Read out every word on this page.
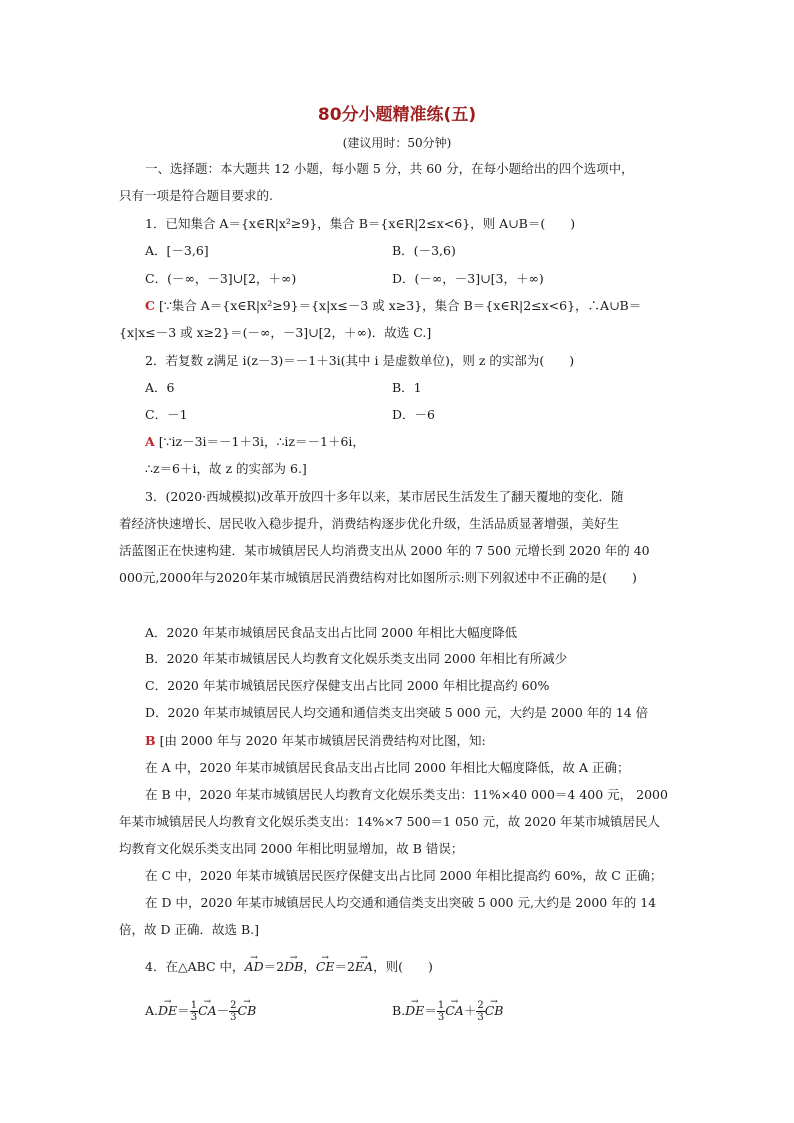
80分小题精准练(五)
(建议用时：50分钟)
一、选择题：本大题共 12 小题，每小题 5 分，共 60 分，在每小题给出的四个选项中，
只有一项是符合题目要求的.
1．已知集合 A＝{x∈R|x²≥9}，集合 B＝{x∈R|2≤x<6}，则 A∪B＝(　　)
A．[－3,6]	B．(－3,6)
C．(－∞，－3]∪[2，＋∞)	D．(－∞，－3]∪[3，＋∞)
C [∵集合 A＝{x∈R|x²≥9}＝{x|x≤－3 或 x≥3}，集合 B＝{x∈R|2≤x<6}，∴A∪B＝
{x|x≤－3 或 x≥2}＝(－∞，－3]∪[2，＋∞)．故选 C.]
2．若复数 z满足 i(z－3)＝－1＋3i(其中 i 是虚数单位)，则 z 的实部为(　　)
A．6	B．1
C．－1	D．－6
A [∵iz－3i＝－1＋3i，∴iz＝－1＋6i，
∴z＝6＋i，故 z 的实部为 6.]
3．(2020·西城模拟)改革开放四十多年以来，某市居民生活发生了翻天覆地的变化．随
着经济快速增长、居民收入稳步提升，消费结构逐步优化升级，生活品质显著增强，美好生
活蓝图正在快速构建．某市城镇居民人均消费支出从 2000 年的 7 500 元增长到 2020 年的 40
000元,2000年与2020年某市城镇居民消费结构对比如图所示:则下列叙述中不正确的是(　　)
A．2020 年某市城镇居民食品支出占比同 2000 年相比大幅度降低
B．2020 年某市城镇居民人均教育文化娱乐类支出同 2000 年相比有所减少
C．2020 年某市城镇居民医疗保健支出占比同 2000 年相比提高约 60%
D．2020 年某市城镇居民人均交通和通信类支出突破 5 000 元，大约是 2000 年的 14 倍
B [由 2000 年与 2020 年某市城镇居民消费结构对比图，知:
在 A 中，2020 年某市城镇居民食品支出占比同 2000 年相比大幅度降低，故 A 正确；
在 B 中，2020 年某市城镇居民人均教育文化娱乐类支出：11%×40 000＝4 400 元， 2000
年某市城镇居民人均教育文化娱乐类支出：14%×7 500＝1 050 元，故 2020 年某市城镇居民人
均教育文化娱乐类支出同 2000 年相比明显增加，故 B 错误；
在 C 中，2020 年某市城镇居民医疗保健支出占比同 2000 年相比提高约 60%，故 C 正确；
在 D 中，2020 年某市城镇居民人均交通和通信类支出突破 5 000 元,大约是 2000 年的 14
倍，故 D 正确．故选 B.]
4．在△ABC 中，→ AD＝2→ DB，→ CE＝2→ EA，则(　　)
$A.\to DE= \frac{1}{3}$
→ $CA- \frac{2}{3}$
→ CB	$B.\to DE= \frac{1}{3}$
→ $CA+ \frac{2}{3}$
→ CB
